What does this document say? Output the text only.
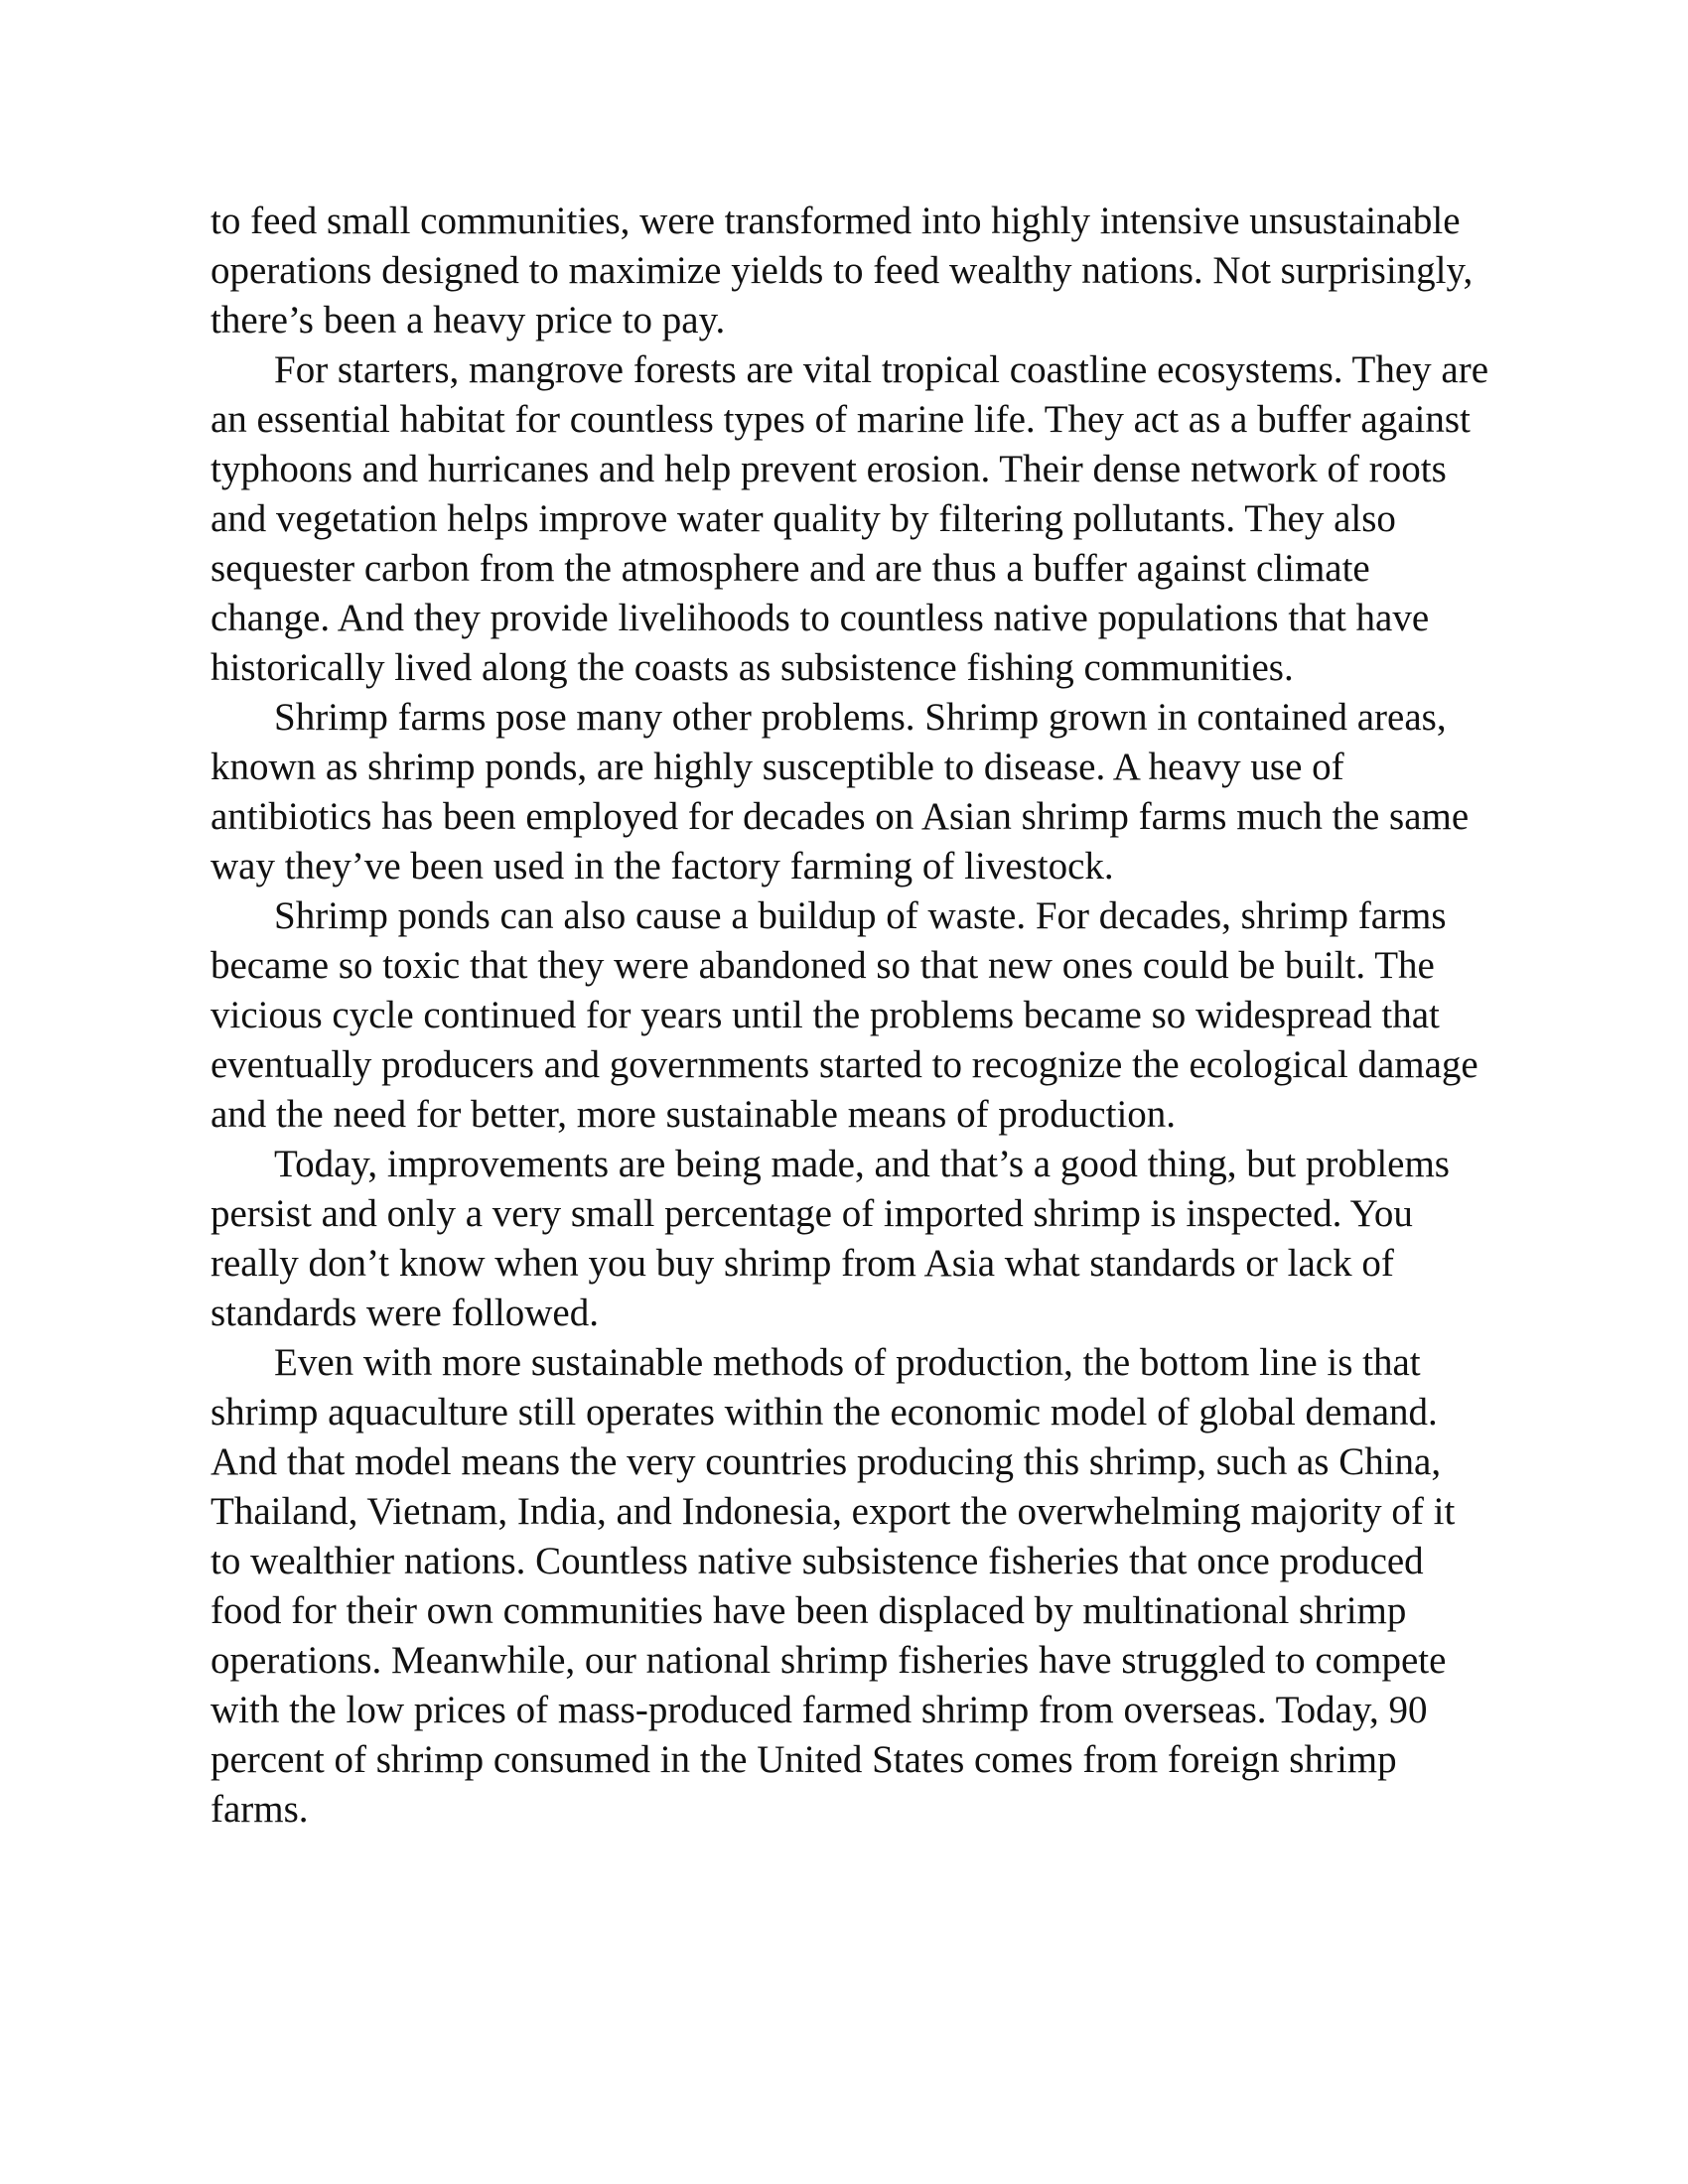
to feed small communities, were transformed into highly intensive unsustainable operations designed to maximize yields to feed wealthy nations. Not surprisingly, there’s been a heavy price to pay.

For starters, mangrove forests are vital tropical coastline ecosystems. They are an essential habitat for countless types of marine life. They act as a buffer against typhoons and hurricanes and help prevent erosion. Their dense network of roots and vegetation helps improve water quality by filtering pollutants. They also sequester carbon from the atmosphere and are thus a buffer against climate change. And they provide livelihoods to countless native populations that have historically lived along the coasts as subsistence fishing communities.

Shrimp farms pose many other problems. Shrimp grown in contained areas, known as shrimp ponds, are highly susceptible to disease. A heavy use of antibiotics has been employed for decades on Asian shrimp farms much the same way they’ve been used in the factory farming of livestock.

Shrimp ponds can also cause a buildup of waste. For decades, shrimp farms became so toxic that they were abandoned so that new ones could be built. The vicious cycle continued for years until the problems became so widespread that eventually producers and governments started to recognize the ecological damage and the need for better, more sustainable means of production.

Today, improvements are being made, and that’s a good thing, but problems persist and only a very small percentage of imported shrimp is inspected. You really don’t know when you buy shrimp from Asia what standards or lack of standards were followed.

Even with more sustainable methods of production, the bottom line is that shrimp aquaculture still operates within the economic model of global demand. And that model means the very countries producing this shrimp, such as China, Thailand, Vietnam, India, and Indonesia, export the overwhelming majority of it to wealthier nations. Countless native subsistence fisheries that once produced food for their own communities have been displaced by multinational shrimp operations. Meanwhile, our national shrimp fisheries have struggled to compete with the low prices of mass-produced farmed shrimp from overseas. Today, 90 percent of shrimp consumed in the United States comes from foreign shrimp farms.
